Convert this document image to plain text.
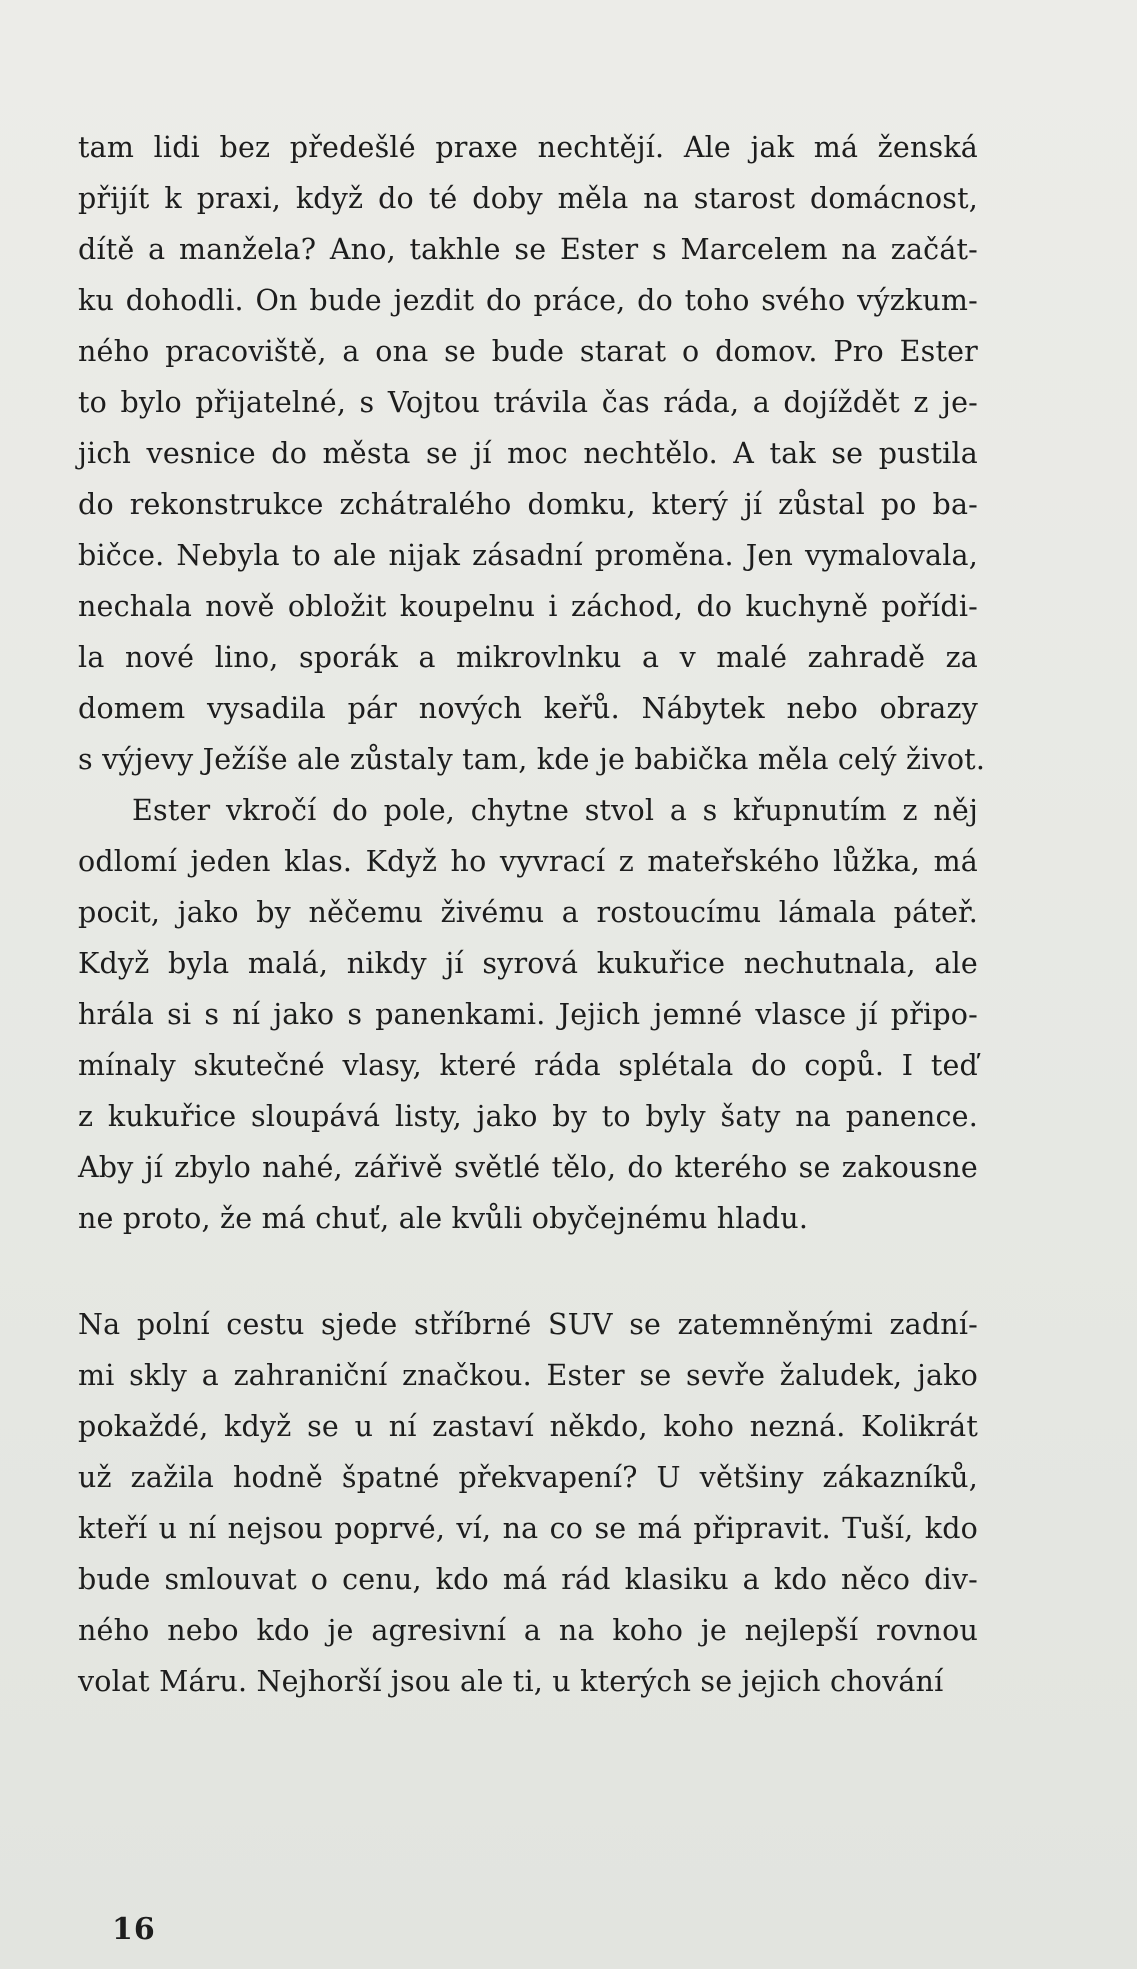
tam lidi bez předešlé praxe nechtějí. Ale jak má ženská
přijít k praxi, když do té doby měla na starost domácnost,
dítě a manžela? Ano, takhle se Ester s Marcelem na začát-
ku dohodli. On bude jezdit do práce, do toho svého výzkum-
ného pracoviště, a ona se bude starat o domov. Pro Ester
to bylo přijatelné, s Vojtou trávila čas ráda, a dojíždět z je-
jich vesnice do města se jí moc nechtělo. A tak se pustila
do rekonstrukce zchátralého domku, který jí zůstal po ba-
bičce. Nebyla to ale nijak zásadní proměna. Jen vymalovala,
nechala nově obložit koupelnu i záchod, do kuchyně pořídi-
la nové lino, sporák a mikrovlnku a v malé zahradě za
domem vysadila pár nových keřů. Nábytek nebo obrazy
s výjevy Ježíše ale zůstaly tam, kde je babička měla celý život.
Ester vkročí do pole, chytne stvol a s křupnutím z něj
odlomí jeden klas. Když ho vyvrací z mateřského lůžka, má
pocit, jako by něčemu živému a rostoucímu lámala páteř.
Když byla malá, nikdy jí syrová kukuřice nechutnala, ale
hrála si s ní jako s panenkami. Jejich jemné vlasce jí připo-
mínaly skutečné vlasy, které ráda splétala do copů. I teď
z kukuřice sloupává listy, jako by to byly šaty na panence.
Aby jí zbylo nahé, zářivě světlé tělo, do kterého se zakousne
ne proto, že má chuť, ale kvůli obyčejnému hladu.
Na polní cestu sjede stříbrné SUV se zatemněnými zadní-
mi skly a zahraniční značkou. Ester se sevře žaludek, jako
pokaždé, když se u ní zastaví někdo, koho nezná. Kolikrát
už zažila hodně špatné překvapení? U většiny zákazníků,
kteří u ní nejsou poprvé, ví, na co se má připravit. Tuší, kdo
bude smlouvat o cenu, kdo má rád klasiku a kdo něco div-
ného nebo kdo je agresivní a na koho je nejlepší rovnou
volat Máru. Nejhorší jsou ale ti, u kterých se jejich chování
16
